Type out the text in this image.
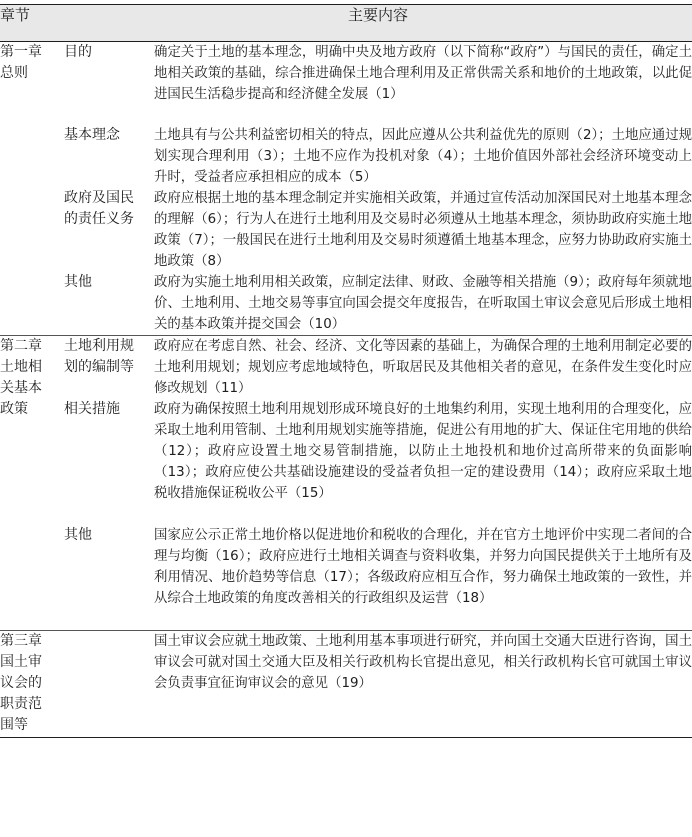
章节	主要内容	

第一章总则	目的	确定关于土地的基本理念，明确中央及地方政府（以下简称“政府”）与国民的责任，确定土地相关政策的基础，综合推进确保土地合理利用及正常供需关系和地价的土地政策，以此促进国民生活稳步提高和经济健全发展（1）

	基本理念	土地具有与公共利益密切相关的特点，因此应遵从公共利益优先的原则（2）；土地应通过规划实现合理利用（3）；土地不应作为投机对象（4）；土地价值因外部社会经济环境变动上升时，受益者应承担相应的成本（5）

	政府及国民的责任义务	政府应根据土地的基本理念制定并实施相关政策，并通过宣传活动加深国民对土地基本理念的理解（6）；行为人在进行土地利用及交易时必须遵从土地基本理念，须协助政府实施土地政策（7）；一般国民在进行土地利用及交易时须遵循土地基本理念，应努力协助政府实施土地政策（8）

	其他	政府为实施土地利用相关政策，应制定法律、财政、金融等相关措施（9）；政府每年须就地价、土地利用、土地交易等事宜向国会提交年度报告，在听取国土审议会意见后形成土地相关的基本政策并提交国会（10）

第二章土地相关基本政策	土地利用规划的编制等	政府应在考虑自然、社会、经济、文化等因素的基础上，为确保合理的土地利用制定必要的土地利用规划；规划应考虑地域特色，听取居民及其他相关者的意见，在条件发生变化时应修改规划（11）

	相关措施	政府为确保按照土地利用规划形成环境良好的土地集约利用，实现土地利用的合理变化，应采取土地利用管制、土地利用规划实施等措施，促进公有用地的扩大、保证住宅用地的供给（12）；政府应设置土地交易管制措施，以防止土地投机和地价过高所带来的负面影响（13）；政府应使公共基础设施建设的受益者负担一定的建设费用（14）；政府应采取土地税收措施保证税收公平（15）

	其他	国家应公示正常土地价格以促进地价和税收的合理化，并在官方土地评价中实现二者间的合理与均衡（16）；政府应进行土地相关调查与资料收集，并努力向国民提供关于土地所有及利用情况、地价趋势等信息（17）；各级政府应相互合作，努力确保土地政策的一致性，并从综合土地政策的角度改善相关的行政组织及运营（18）

第三章国土审议会的职责范围等		国土审议会应就土地政策、土地利用基本事项进行研究，并向国土交通大臣进行咨询，国土审议会可就对国土交通大臣及相关行政机构长官提出意见，相关行政机构长官可就国土审议会负责事宜征询审议会的意见（19）
